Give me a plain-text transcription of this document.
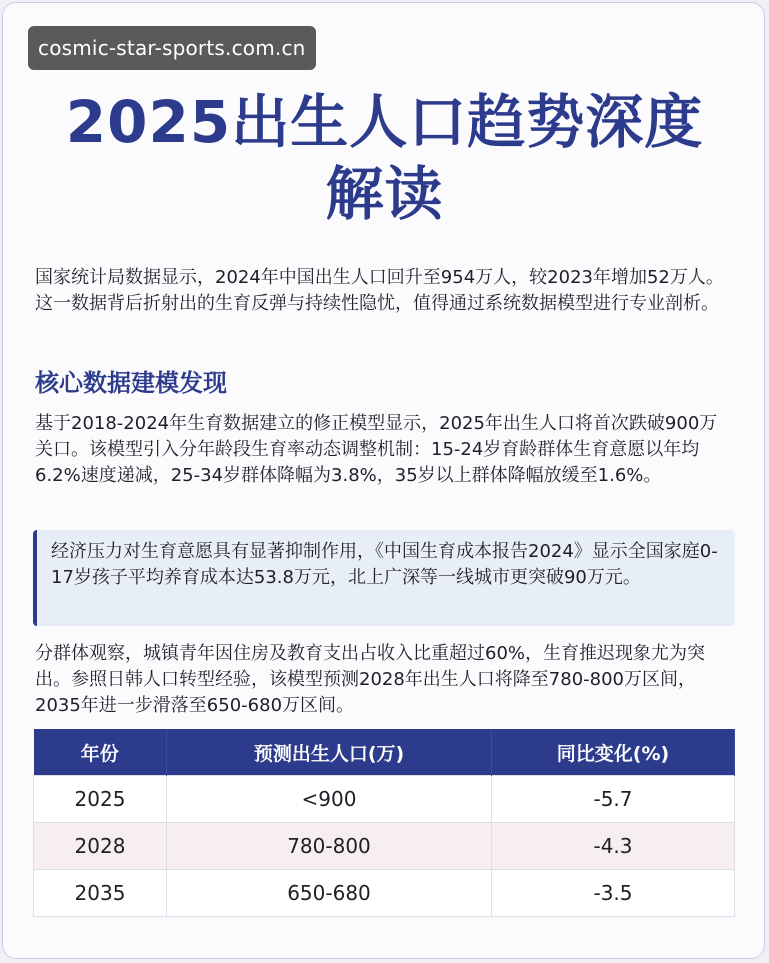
cosmic-star-sports.com.cn
2025出生人口趋势深度
解读

国家统计局数据显示，2024年中国出生人口回升至954万人，较2023年增加52万人。这一数据背后折射出的生育反弹与持续性隐忧，值得通过系统数据模型进行专业剖析。

核心数据建模发现

基于2018-2024年生育数据建立的修正模型显示，2025年出生人口将首次跌破900万关口。该模型引入分年龄段生育率动态调整机制：15-24岁育龄群体生育意愿以年均6.2%速度递减，25-34岁群体降幅为3.8%，35岁以上群体降幅放缓至1.6%。

经济压力对生育意愿具有显著抑制作用，《中国生育成本报告2024》显示全国家庭0-17岁孩子平均养育成本达53.8万元，北上广深等一线城市更突破90万元。

分群体观察，城镇青年因住房及教育支出占收入比重超过60%，生育推迟现象尤为突出。参照日韩人口转型经验，该模型预测2028年出生人口将降至780-800万区间，2035年进一步滑落至650-680万区间。

年份	预测出生人口(万)	同比变化(%)
2025	<900	-5.7
2028	780-800	-4.3
2035	650-680	-3.5
